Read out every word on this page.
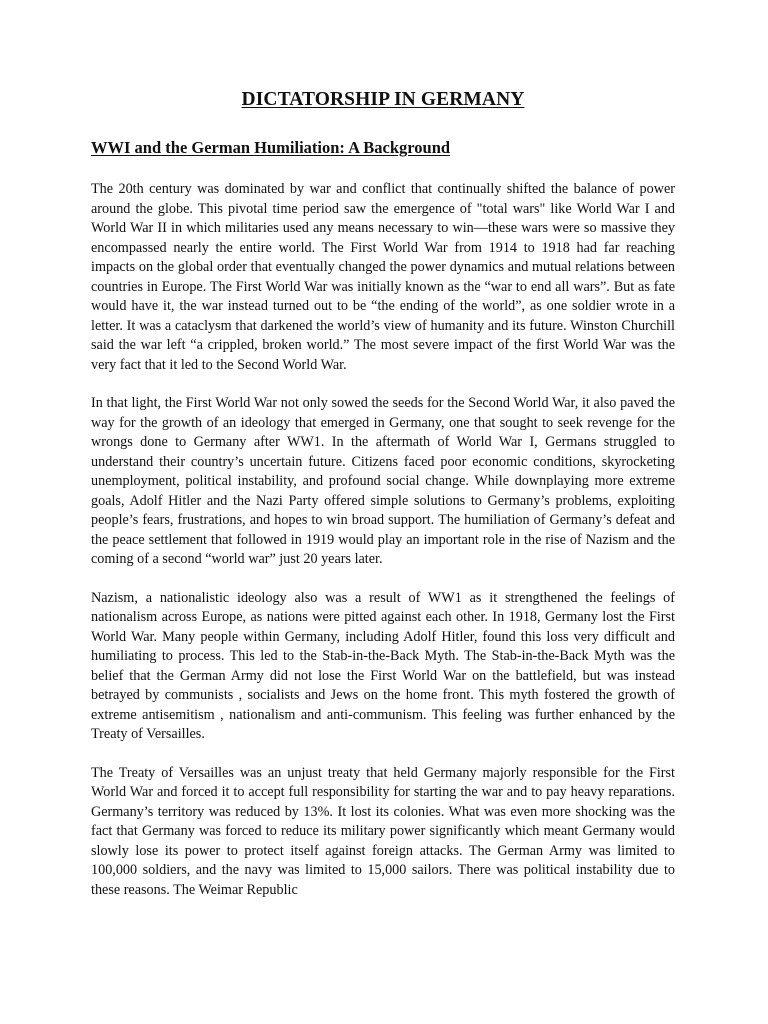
DICTATORSHIP IN GERMANY
WWI and the German Humiliation: A Background

The 20th century was dominated by war and conflict that continually shifted the balance of power around the globe. This pivotal time period saw the emergence of "total wars" like World War I and World War II in which militaries used any means necessary to win—these wars were so massive they encompassed nearly the entire world. The First World War from 1914 to 1918 had far reaching impacts on the global order that eventually changed the power dynamics and mutual relations between countries in Europe. The First World War was initially known as the “war to end all wars”. But as fate would have it, the war instead turned out to be “the ending of the world”, as one soldier wrote in a letter. It was a cataclysm that darkened the world’s view of humanity and its future. Winston Churchill said the war left “a crippled, broken world.” The most severe impact of the first World War was the very fact that it led to the Second World War.

In that light, the First World War not only sowed the seeds for the Second World War, it also paved the way for the growth of an ideology that emerged in Germany, one that sought to seek revenge for the wrongs done to Germany after WW1. In the aftermath of World War I, Germans struggled to understand their country’s uncertain future. Citizens faced poor economic conditions, skyrocketing unemployment, political instability, and profound social change. While downplaying more extreme goals, Adolf Hitler and the Nazi Party offered simple solutions to Germany’s problems, exploiting people’s fears, frustrations, and hopes to win broad support. The humiliation of Germany’s defeat and the peace settlement that followed in 1919 would play an important role in the rise of Nazism and the coming of a second “world war” just 20 years later.

Nazism, a nationalistic ideology also was a result of WW1 as it strengthened the feelings of nationalism across Europe, as nations were pitted against each other. In 1918, Germany lost the First World War. Many people within Germany, including Adolf Hitler, found this loss very difficult and humiliating to process. This led to the Stab-in-the-Back Myth. The Stab-in-the-Back Myth was the belief that the German Army did not lose the First World War on the battlefield, but was instead betrayed by communists , socialists and Jews on the home front. This myth fostered the growth of extreme antisemitism , nationalism and anti-communism. This feeling was further enhanced by the Treaty of Versailles.

The Treaty of Versailles was an unjust treaty that held Germany majorly responsible for the First World War and forced it to accept full responsibility for starting the war and to pay heavy reparations. Germany’s territory was reduced by 13%. It lost its colonies. What was even more shocking was the fact that Germany was forced to reduce its military power significantly which meant Germany would slowly lose its power to protect itself against foreign attacks. The German Army was limited to 100,000 soldiers, and the navy was limited to 15,000 sailors. There was political instability due to these reasons. The Weimar Republic
